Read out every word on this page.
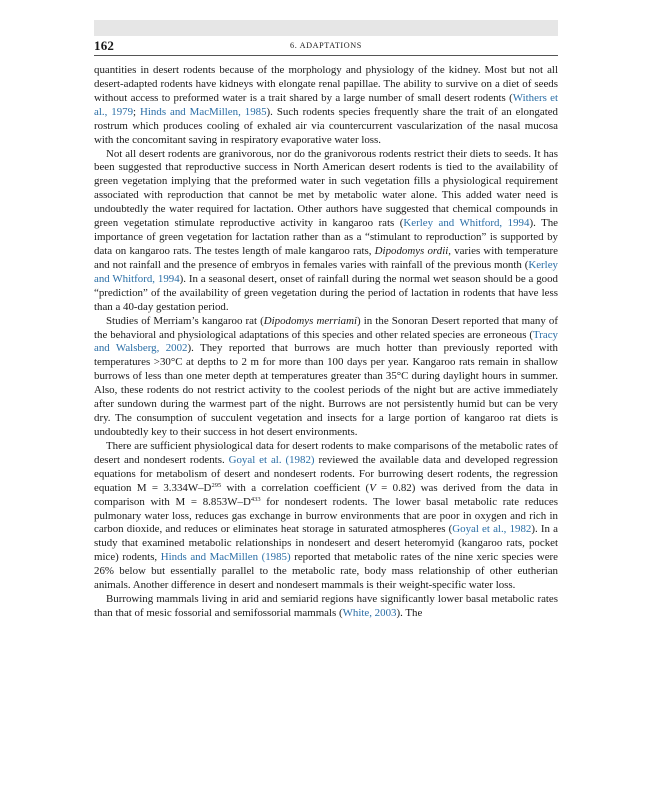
162	6. ADAPTATIONS

quantities in desert rodents because of the morphology and physiology of the kidney. Most but not all desert-adapted rodents have kidneys with elongate renal papillae. The ability to survive on a diet of seeds without access to preformed water is a trait shared by a large number of small desert rodents (Withers et al., 1979; Hinds and MacMillen, 1985). Such rodents species frequently share the trait of an elongated rostrum which produces cooling of exhaled air via countercurrent vascularization of the nasal mucosa with the concomitant saving in respiratory evaporative water loss.

Not all desert rodents are granivorous, nor do the granivorous rodents restrict their diets to seeds. It has been suggested that reproductive success in North American desert rodents is tied to the availability of green vegetation implying that the preformed water in such vegetation fills a physiological requirement associated with reproduction that cannot be met by metabolic water alone. This added water need is undoubtedly the water required for lactation. Other authors have suggested that chemical compounds in green vegetation stimulate reproductive activity in kangaroo rats (Kerley and Whitford, 1994). The importance of green vegetation for lactation rather than as a “stimulant to reproduction” is supported by data on kangaroo rats. The testes length of male kangaroo rats, Dipodomys ordii, varies with temperature and not rainfall and the presence of embryos in females varies with rainfall of the previous month (Kerley and Whitford, 1994). In a seasonal desert, onset of rainfall during the normal wet season should be a good “prediction” of the availability of green vegetation during the period of lactation in rodents that have less than a 40-day gestation period.

Studies of Merriam’s kangaroo rat (Dipodomys merriami) in the Sonoran Desert reported that many of the behavioral and physiological adaptations of this species and other related species are erroneous (Tracy and Walsberg, 2002). They reported that burrows are much hotter than previously reported with temperatures >30°C at depths to 2 m for more than 100 days per year. Kangaroo rats remain in shallow burrows of less than one meter depth at temperatures greater than 35°C during daylight hours in summer. Also, these rodents do not restrict activity to the coolest periods of the night but are active immediately after sundown during the warmest part of the night. Burrows are not persistently humid but can be very dry. The consumption of succulent vegetation and insects for a large portion of kangaroo rat diets is undoubtedly key to their success in hot desert environments.

There are sufficient physiological data for desert rodents to make comparisons of the metabolic rates of desert and nondesert rodents. Goyal et al. (1982) reviewed the available data and developed regression equations for metabolism of desert and nondesert rodents. For burrowing desert rodents, the regression equation $M = 3.334W-D^{295}$ with a correlation coefficient (V = 0.82) was derived from the data in comparison with $M = 8.853W-D^{433}$ for nondesert rodents. The lower basal metabolic rate reduces pulmonary water loss, reduces gas exchange in burrow environments that are poor in oxygen and rich in carbon dioxide, and reduces or eliminates heat storage in saturated atmospheres (Goyal et al., 1982). In a study that examined metabolic relationships in nondesert and desert heteromyid (kangaroo rats, pocket mice) rodents, Hinds and MacMillen (1985) reported that metabolic rates of the nine xeric species were 26% below but essentially parallel to the metabolic rate, body mass relationship of other eutherian animals. Another difference in desert and nondesert mammals is their weight-specific water loss.

Burrowing mammals living in arid and semiarid regions have significantly lower basal metabolic rates than that of mesic fossorial and semifossorial mammals (White, 2003). The
